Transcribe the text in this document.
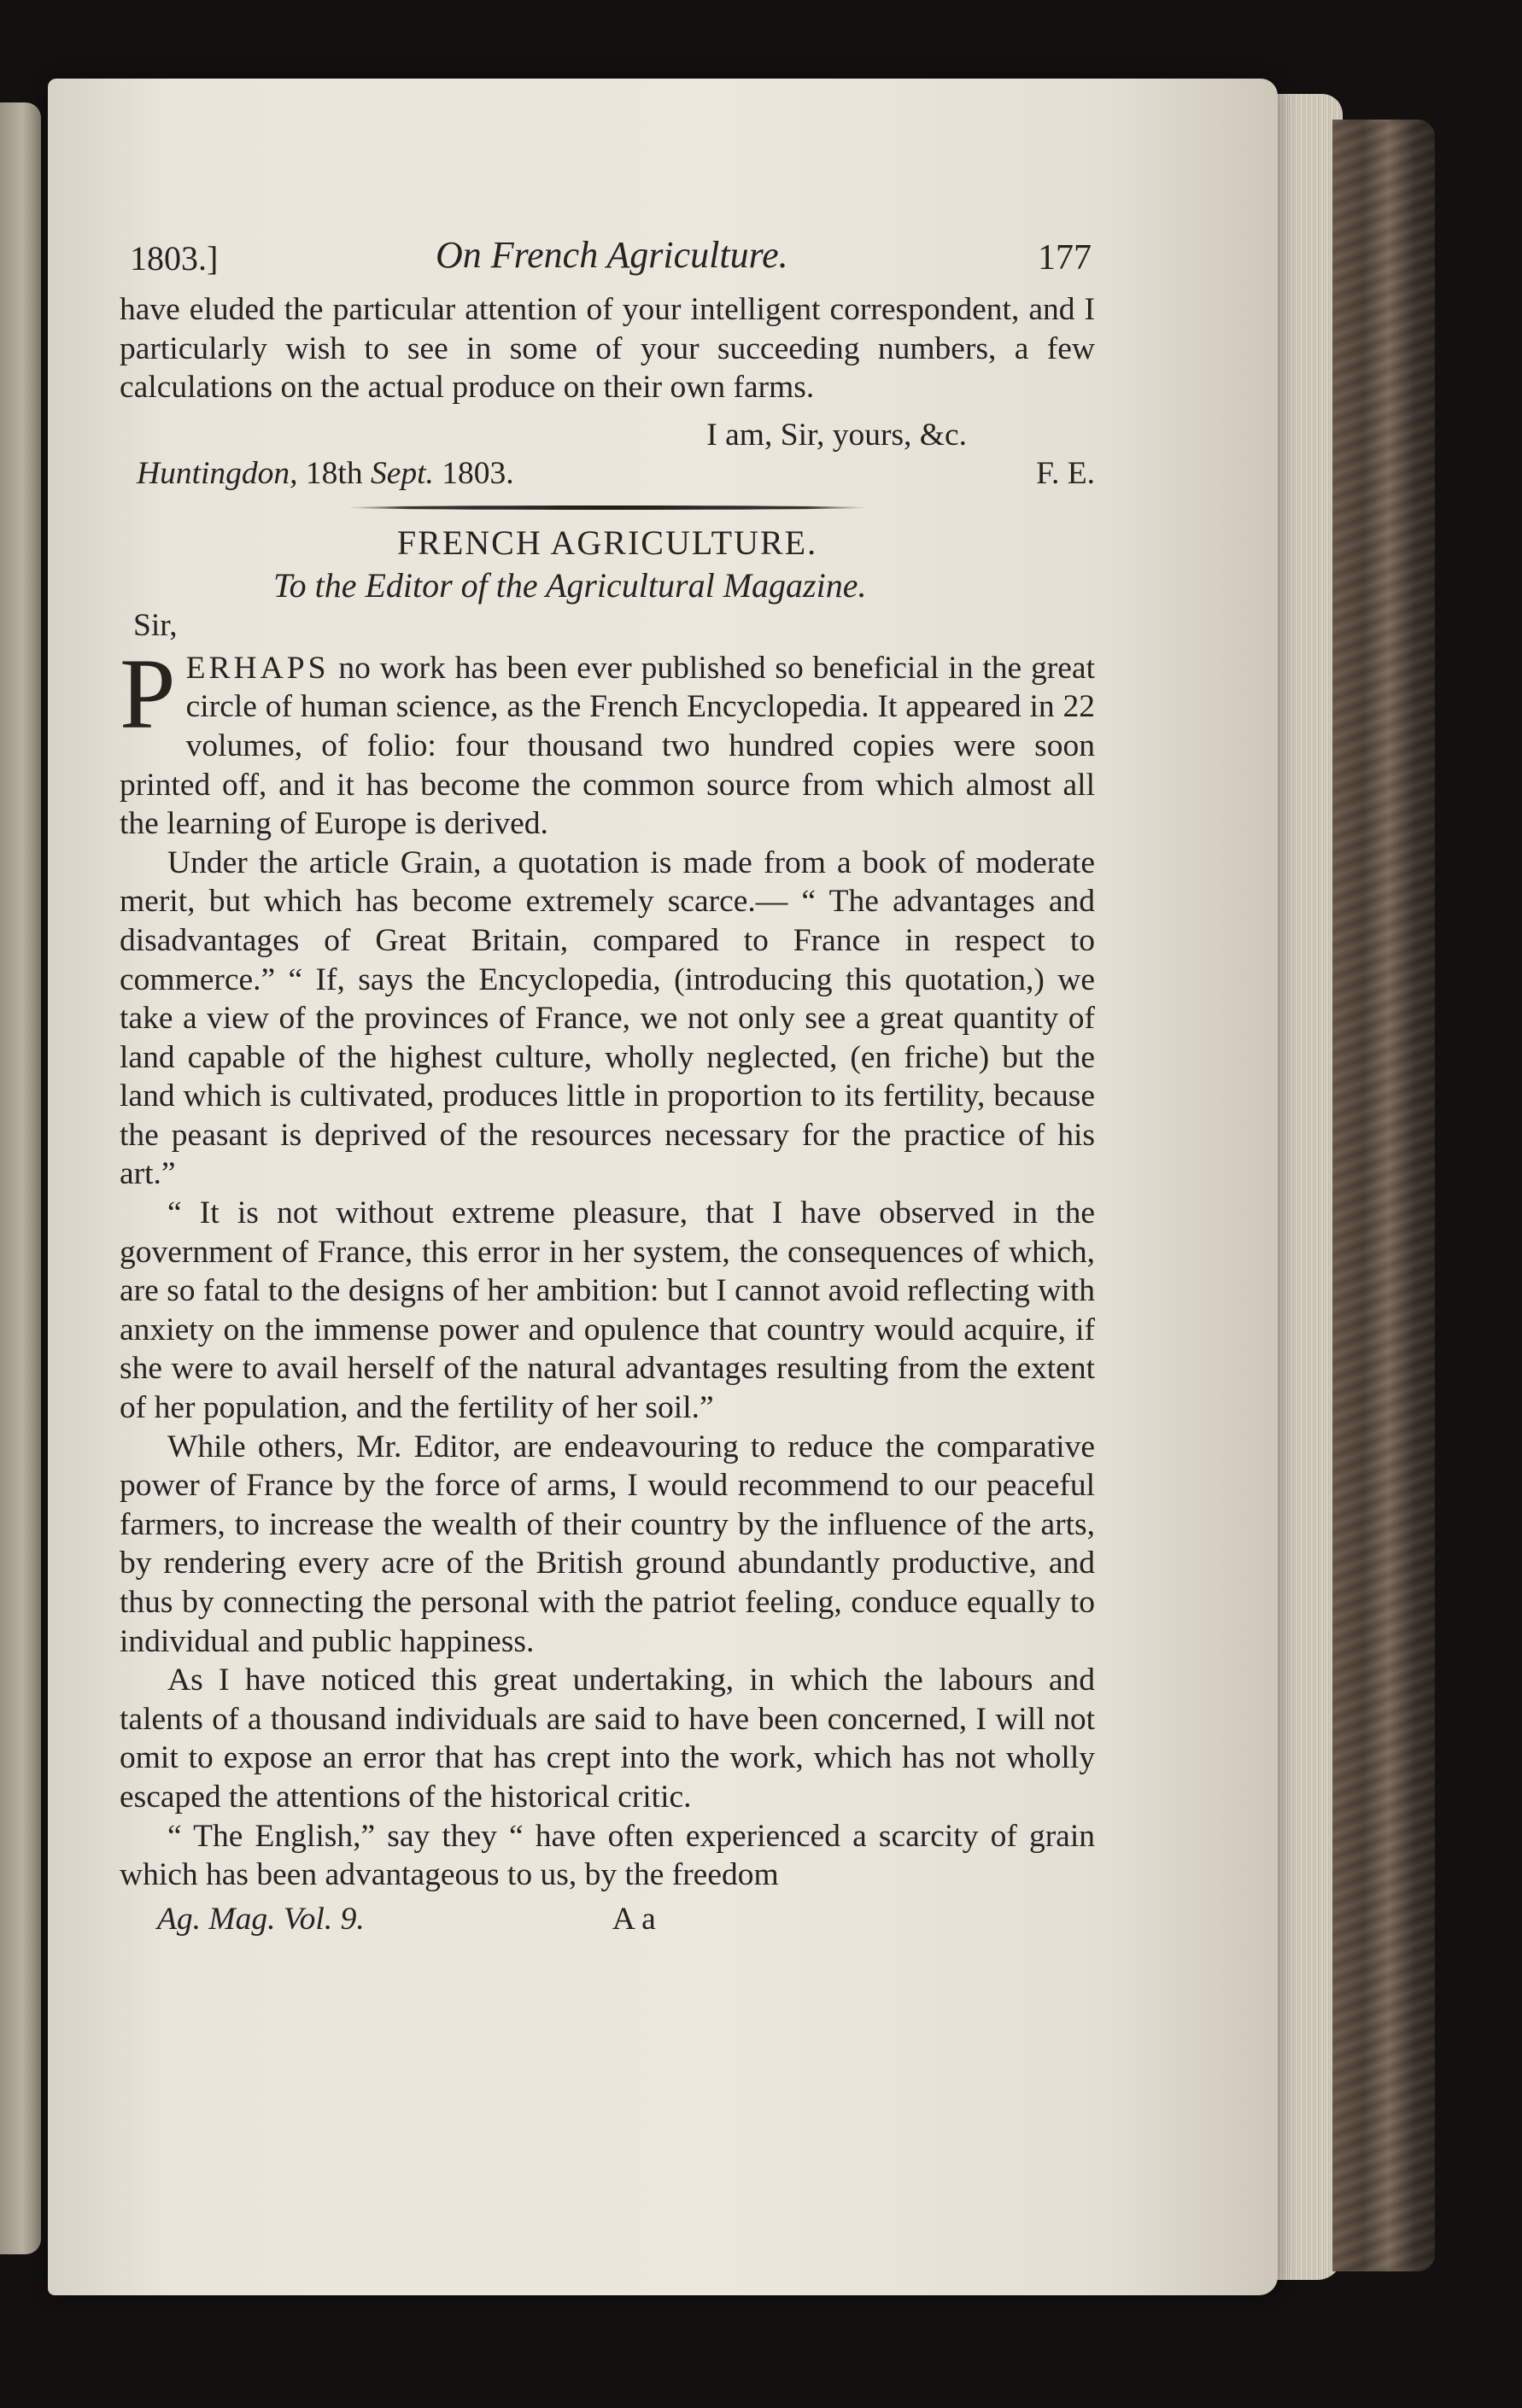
1803.]	On French Agriculture.	177

have eluded the particular attention of your intelligent correspondent, and I particularly wish to see in some of your succeeding numbers, a few calculations on the actual produce on their own farms.

I am, Sir, yours, &c.
Huntingdon, 18th Sept. 1803.	F. E.
FRENCH AGRICULTURE.
To the Editor of the Agricultural Magazine.
Sir,

PERHAPS no work has been ever published so beneficial in the great circle of human science, as the French Encyclopedia. It appeared in 22 volumes, of folio: four thousand two hundred copies were soon printed off, and it has become the common source from which almost all the learning of Europe is derived.

Under the article Grain, a quotation is made from a book of moderate merit, but which has become extremely scarce.— “ The advantages and disadvantages of Great Britain, compared to France in respect to commerce.” “ If, says the Encyclopedia, (introducing this quotation,) we take a view of the provinces of France, we not only see a great quantity of land capable of the highest culture, wholly neglected, (en friche) but the land which is cultivated, produces little in proportion to its fertility, because the peasant is deprived of the resources necessary for the practice of his art.”

“ It is not without extreme pleasure, that I have observed in the government of France, this error in her system, the consequences of which, are so fatal to the designs of her ambition: but I cannot avoid reflecting with anxiety on the immense power and opulence that country would acquire, if she were to avail herself of the natural advantages resulting from the extent of her population, and the fertility of her soil.”

While others, Mr. Editor, are endeavouring to reduce the comparative power of France by the force of arms, I would recommend to our peaceful farmers, to increase the wealth of their country by the influence of the arts, by rendering every acre of the British ground abundantly productive, and thus by connecting the personal with the patriot feeling, conduce equally to individual and public happiness.

As I have noticed this great undertaking, in which the labours and talents of a thousand individuals are said to have been concerned, I will not omit to expose an error that has crept into the work, which has not wholly escaped the attentions of the historical critic.

“ The English,” say they “ have often experienced a scarcity of grain which has been advantageous to us, by the freedom

Ag. Mag. Vol. 9.	A a
